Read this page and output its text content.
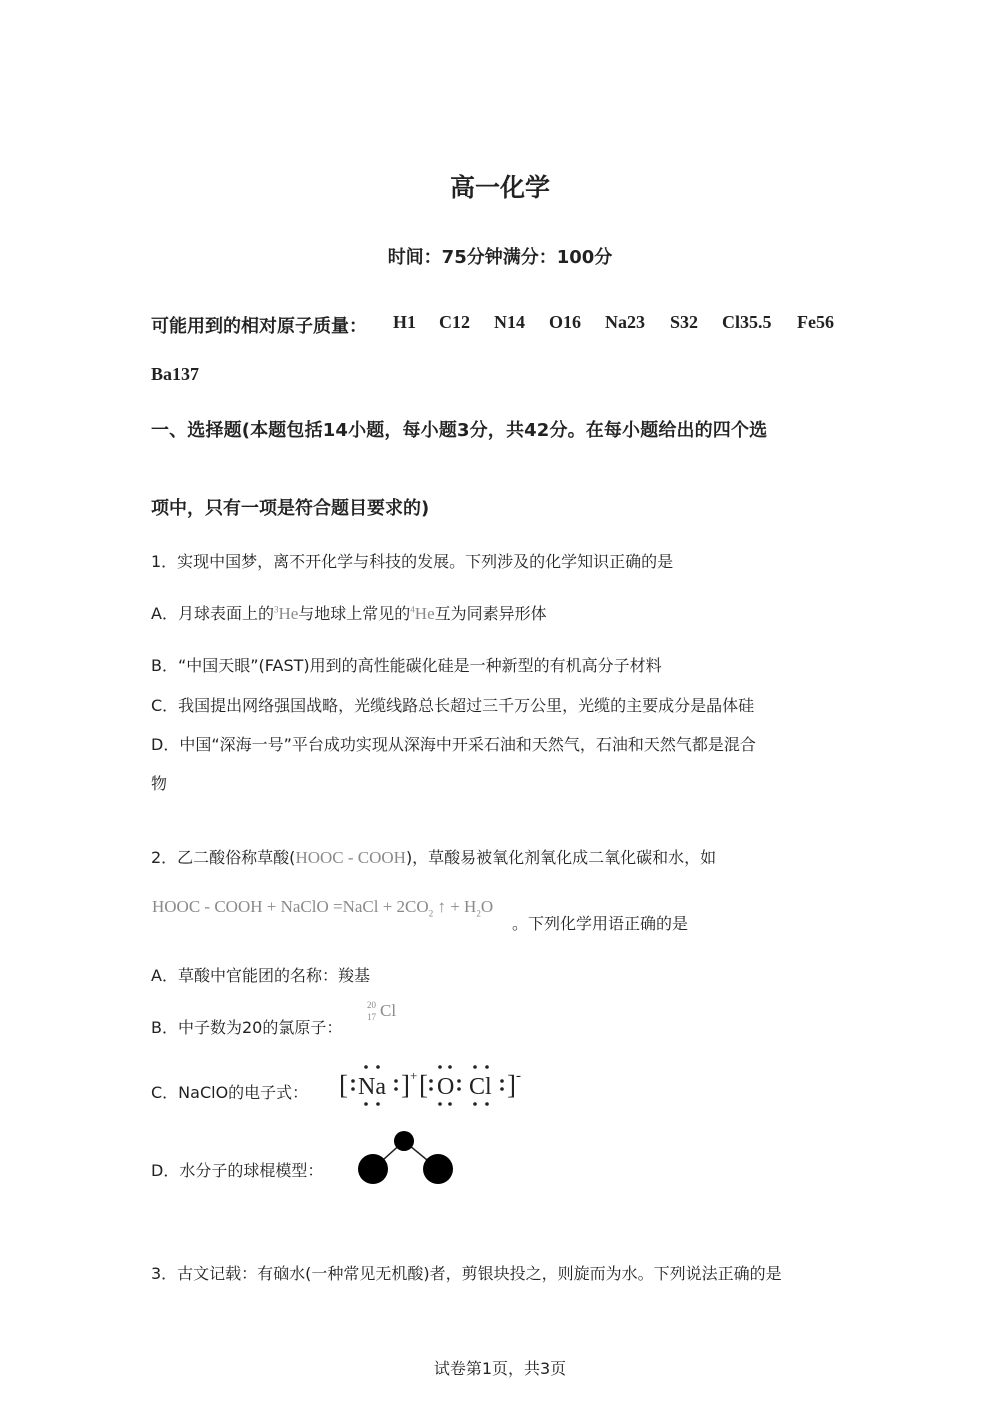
高一化学
时间：75分钟满分：100分
可能用到的相对原子质量： H1 C12 N14 O16 Na23 S32 Cl35.5 Fe56
Ba137
一、选择题(本题包括14小题，每小题3分，共42分。在每小题给出的四个选
项中，只有一项是符合题目要求的)
1．实现中国梦，离不开化学与科技的发展。下列涉及的化学知识正确的是
A．月球表面上的$^3$He与地球上常见的$^4$He互为同素异形体
B．“中国天眼”(FAST)用到的高性能碳化硅是一种新型的有机高分子材料
C．我国提出网络强国战略，光缆线路总长超过三千万公里，光缆的主要成分是晶体硅
D．中国“深海一号”平台成功实现从深海中开采石油和天然气，石油和天然气都是混合
物
2．乙二酸俗称草酸(HOOC - COOH)，草酸易被氧化剂氧化成二氧化碳和水，如
HOOC - COOH + NaClO =NaCl + $2CO_2$ ↑ + $H_2O$
。下列化学用语正确的是
A．草酸中官能团的名称：羧基
B．中子数为20的氯原子：
20
17 Cl
C．NaClO的电子式： [ Na ] + [ O Cl ] -
D．水分子的球棍模型：
3．古文记载：有硇水(一种常见无机酸)者，剪银块投之，则旋而为水。下列说法正确的是
试卷第1页，共3页
